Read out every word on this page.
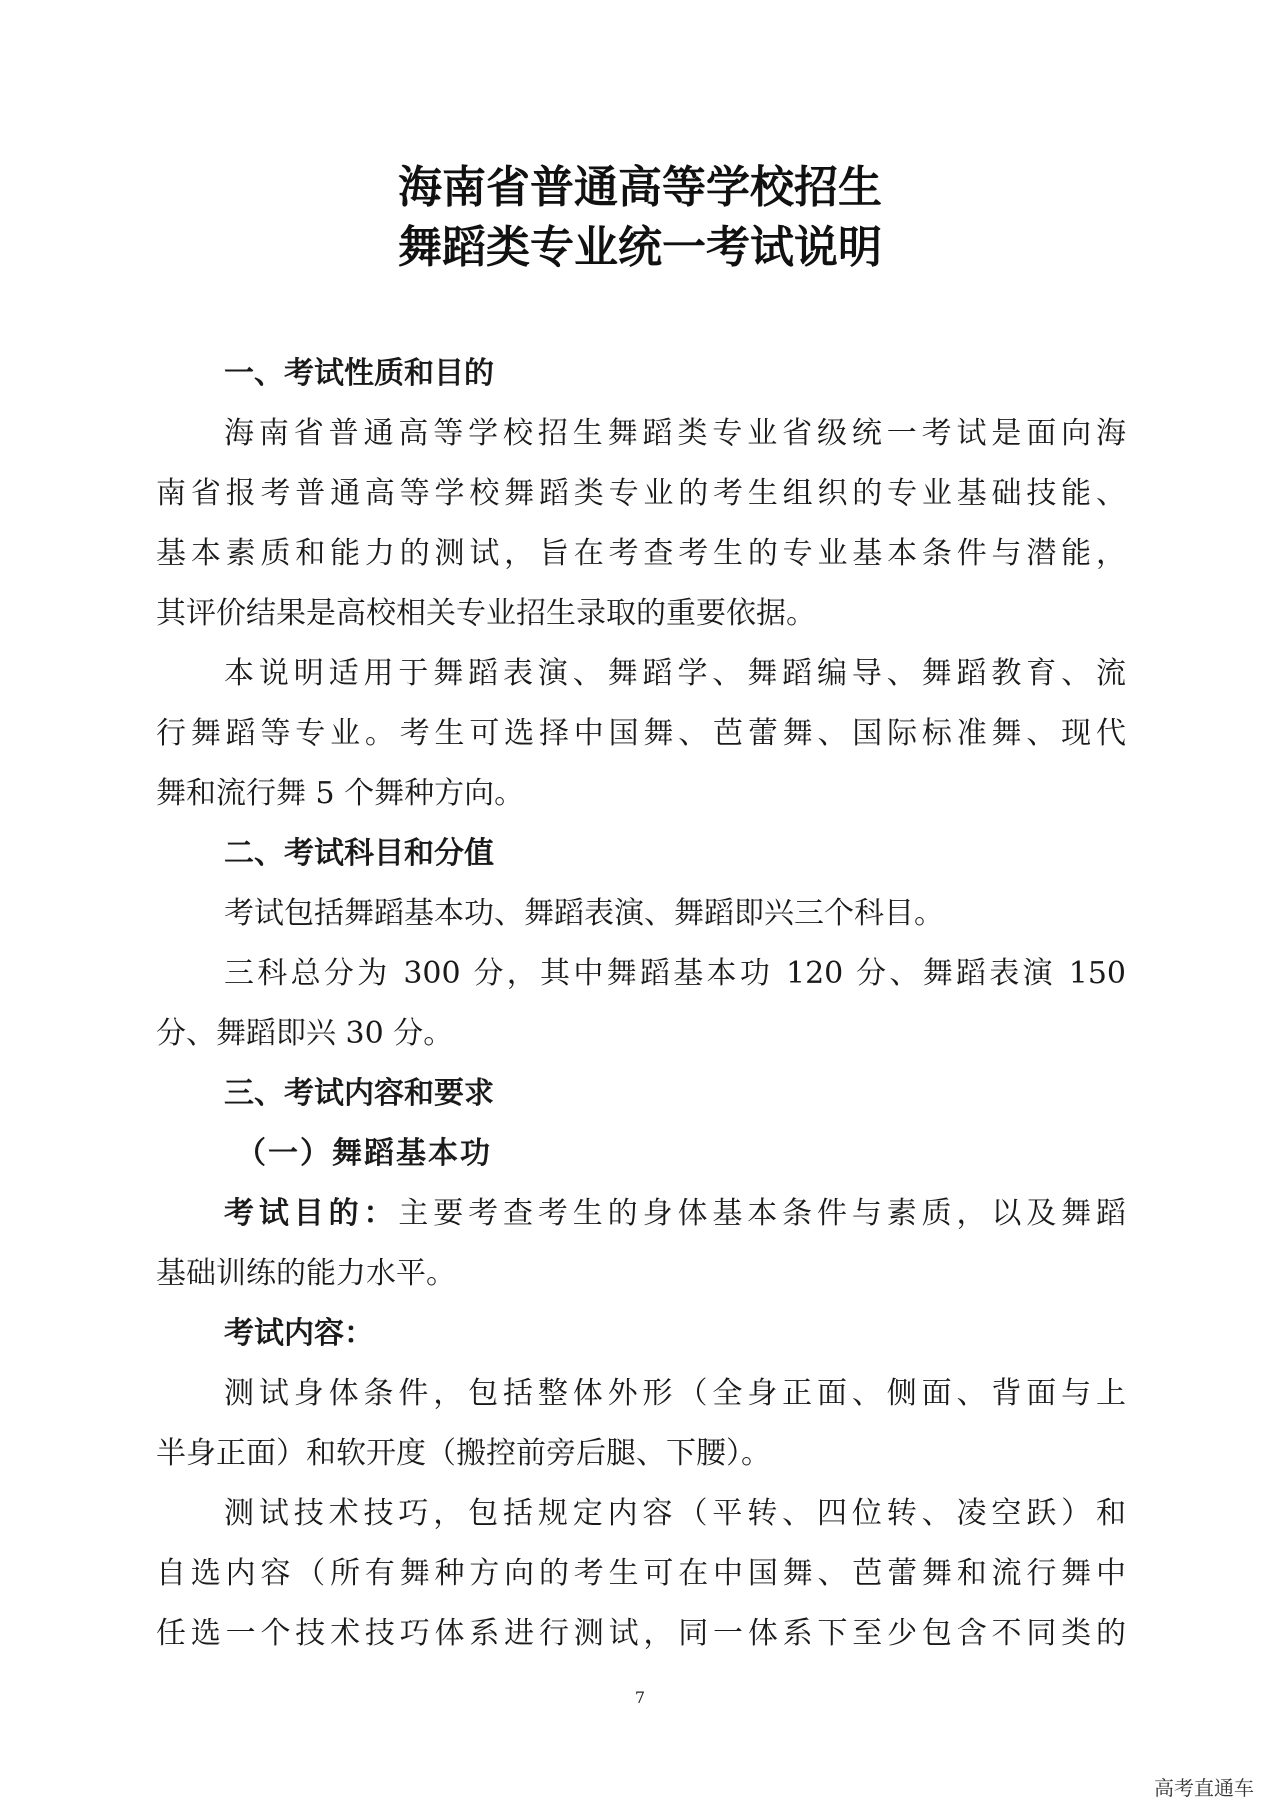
海南省普通高等学校招生
舞蹈类专业统一考试说明
一、考试性质和目的
海南省普通高等学校招生舞蹈类专业省级统一考试是面向海
南省报考普通高等学校舞蹈类专业的考生组织的专业基础技能、
基本素质和能力的测试，旨在考查考生的专业基本条件与潜能，
其评价结果是高校相关专业招生录取的重要依据。
本说明适用于舞蹈表演、舞蹈学、舞蹈编导、舞蹈教育、流
行舞蹈等专业。考生可选择中国舞、芭蕾舞、国际标准舞、现代
舞和流行舞 5 个舞种方向。
二、考试科目和分值
考试包括舞蹈基本功、舞蹈表演、舞蹈即兴三个科目。
三科总分为 300 分，其中舞蹈基本功 120 分、舞蹈表演 150
分、舞蹈即兴 30 分。
三、考试内容和要求
（一）舞蹈基本功
考试目的：主要考查考生的身体基本条件与素质，以及舞蹈
基础训练的能力水平。
考试内容：
测试身体条件，包括整体外形（全身正面、侧面、背面与上
半身正面）和软开度（搬控前旁后腿、下腰）。
测试技术技巧，包括规定内容（平转、四位转、凌空跃）和
自选内容（所有舞种方向的考生可在中国舞、芭蕾舞和流行舞中
任选一个技术技巧体系进行测试，同一体系下至少包含不同类的
7
高考直通车
